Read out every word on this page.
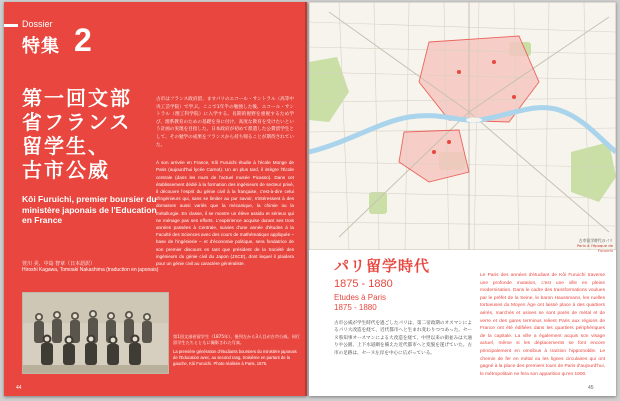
Dossier
特集 2
第一回文部
省フランス
留学生、
古市公威
Kôi Furuichi, premier boursier du ministère japonais de l'Education en France
萱川 美、中島 智章（日本語訳）
Hiroshi Kagawa, Tomoaki Nakashima (traduction en japonais)
古市はフランス政府留、ますパリのエコール・サントラル（高等中央工芸学院）で学ぶ。ここで1年半の勉強した後、エコール・サントラル（理工科学院）に入学する。長期的視野を重視するため学び、理系教育のための基礎を身に付け、高度な教育を受けたいという計画の実現を目指した。日本政府が初めて派遣した公費留学生として、その勉学の成果をフランスから持ち帰ることが期待されていた。
À son arrivée en France, Kôi Furuichi étudie à l'école Monge de Paris (aujourd'hui lycée Carnot). Un an plus tard, il intègre l'École centrale (dans les murs de l'actuel musée Picasso). Dans cet établissement dédié à la formation des ingénieurs de secteur privé, il découvre l'esprit du génie civil à la française, c'est-à-dire celui d'ingénieurs qui, sans se limiter au pur savoir, s'intéressent à des domaines aussi variés que la mécanique, la chimie ou la métallurgie. En classe, il se montre un élève assidu et sérieux qui ne ménage pas ses efforts. L'expérience acquise durant ses trois années passées à Centrale, suivies d'une année d'études à la Faculté des Sciences avec des cours de mathématique appliquée – base de l'ingénierie – et d'économie politique, sera fondatrice de son premier discours en tant que président de la Société des ingénieurs du génie civil du Japon (JSCE), dont lequel il plaidera pour un génie civil au caractère généraliste.
第1回文部省留学生（1875年）。後列左から3人目が古市公威。同行留学生たちとともに撮影された写真。
La première génération d'étudiants boursiers du ministère japonais de l'Education avec, au second rang, troisième en partant de la gauche, Kôi Furuichi. Photo réalisée à Paris, 1875.
44
古市留学時代のパリ
Paris à l'époque de Furuichi
パリ留学時代
1875 - 1880
Etudes à Paris
1875 - 1880
古市公威が学生時代を過ごしたパリは、第二帝政期のオスマンによるパリ大改造を経て、近代都市へと生まれ変わりつつあった。セーヌ県知事オースマンによる大改造を経て、中世以来の街並みは大通りや公園、上下水道網を備えた近代都市へと変貌を遂げていた。古市の足跡は、セーヌ左岸を中心に広がっている。
Le Paris des années d'étudiant de Kôi Furuichi traverse une profonde mutation, c'est une ville en pleine modernisation. Dans le cadre des transformations voulues par le préfet de la Seine, le baron Haussmann, les ruelles tortueuses du Moyen Âge ont laissé place à des quartiers aérés, marchés et usines se sont parés de métal et de verre et des gares terminus relient Paris aux régions de France ont été édifiées dans les quartiers périphériques de la capitale. La ville a également acquis son visage actuel, même si les déplacements se font encore principalement en omnibus à traction hippomobile. Le chemin de fer en métal ou les lignes circulaires qui ont gagné à la place des premiers tours de Paris d'aujourd'hui, le métropolitain ne fera son apparition qu'en 1900.
45
